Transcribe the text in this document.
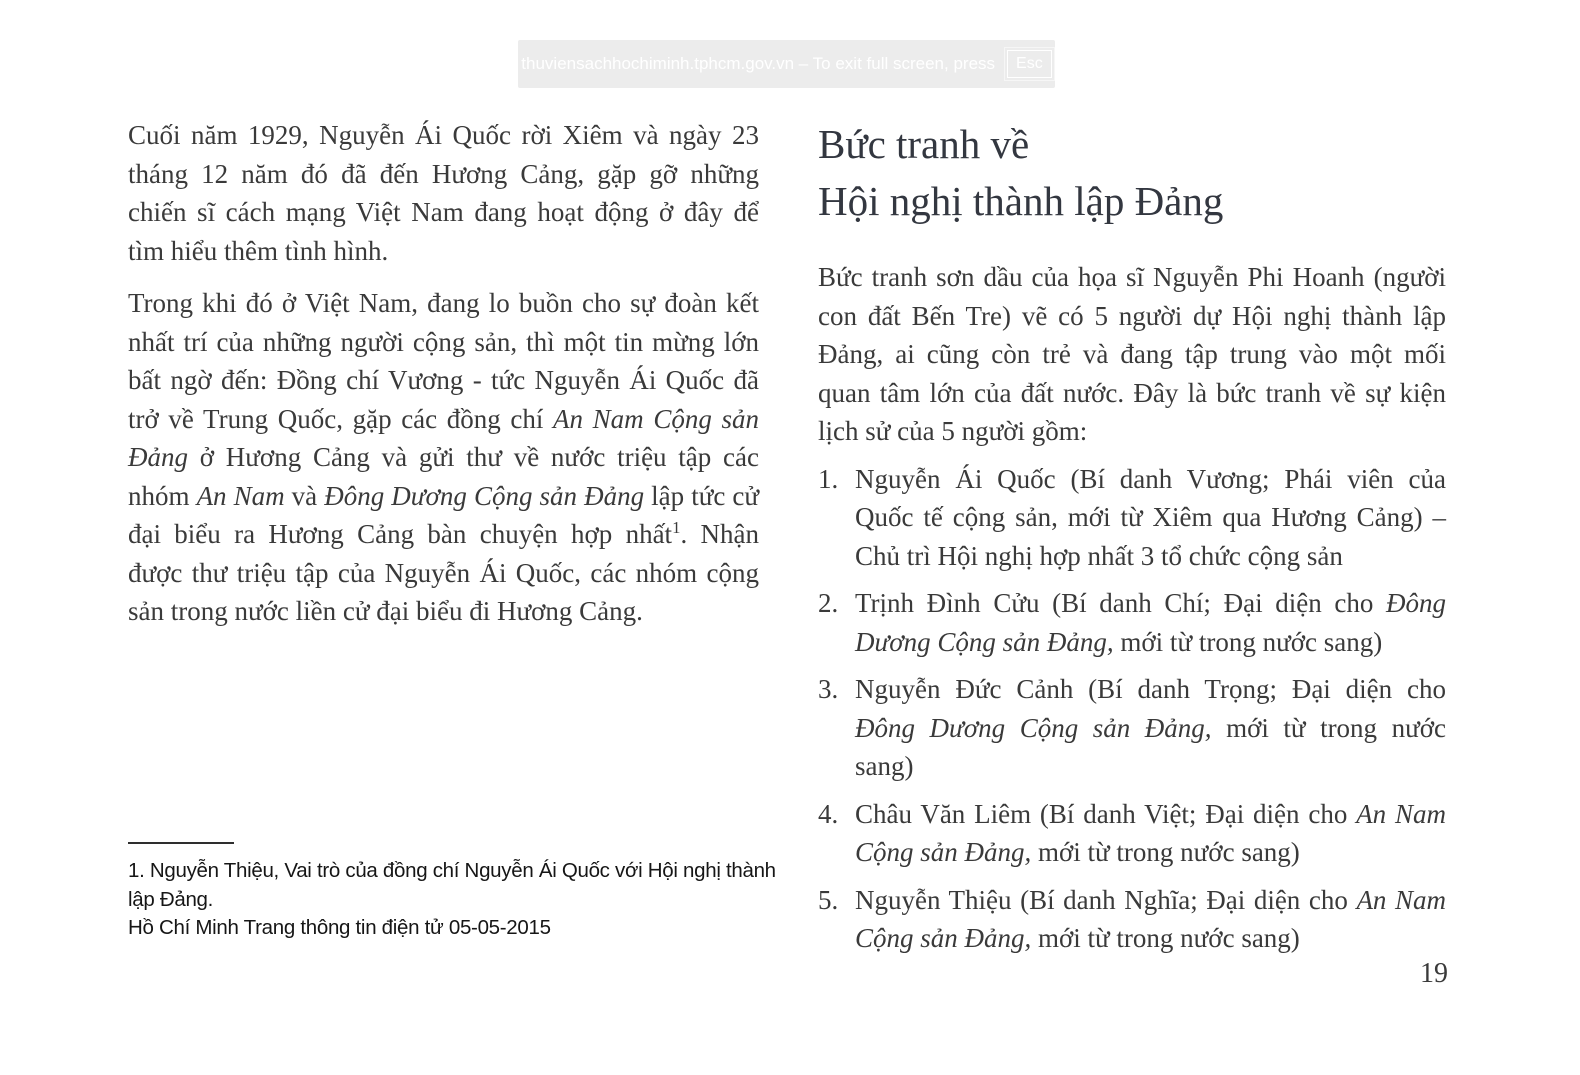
thuviensachhochiminh.tphcm.gov.vn – To exit full screen, press	Esc

Cuối năm 1929, Nguyễn Ái Quốc rời Xiêm và ngày 23 tháng 12 năm đó đã đến Hương Cảng, gặp gỡ những chiến sĩ cách mạng Việt Nam đang hoạt động ở đây để tìm hiểu thêm tình hình.

Trong khi đó ở Việt Nam, đang lo buồn cho sự đoàn kết nhất trí của những người cộng sản, thì một tin mừng lớn bất ngờ đến: Đồng chí Vương - tức Nguyễn Ái Quốc đã trở về Trung Quốc, gặp các đồng chí An Nam Cộng sản Đảng ở Hương Cảng và gửi thư về nước triệu tập các nhóm An Nam và Đông Dương Cộng sản Đảng lập tức cử đại biểu ra Hương Cảng bàn chuyện hợp nhất$^1$. Nhận được thư triệu tập của Nguyễn Ái Quốc, các nhóm cộng sản trong nước liền cử đại biểu đi Hương Cảng.

1. Nguyễn Thiệu, Vai trò của đồng chí Nguyễn Ái Quốc với Hội nghị thành lập Đảng.
Hồ Chí Minh Trang thông tin điện tử 05-05-2015
Bức tranh về
Hội nghị thành lập Đảng

Bức tranh sơn dầu của họa sĩ Nguyễn Phi Hoanh (người con đất Bến Tre) vẽ có 5 người dự Hội nghị thành lập Đảng, ai cũng còn trẻ và đang tập trung vào một mối quan tâm lớn của đất nước. Đây là bức tranh về sự kiện lịch sử của 5 người gồm:

1. Nguyễn Ái Quốc (Bí danh Vương; Phái viên của Quốc tế cộng sản, mới từ Xiêm qua Hương Cảng) – Chủ trì Hội nghị hợp nhất 3 tổ chức cộng sản
2. Trịnh Đình Cửu (Bí danh Chí; Đại diện cho Đông Dương Cộng sản Đảng, mới từ trong nước sang)
3. Nguyễn Đức Cảnh (Bí danh Trọng; Đại diện cho Đông Dương Cộng sản Đảng, mới từ trong nước sang)
4. Châu Văn Liêm (Bí danh Việt; Đại diện cho An Nam Cộng sản Đảng, mới từ trong nước sang)
5. Nguyễn Thiệu (Bí danh Nghĩa; Đại diện cho An Nam Cộng sản Đảng, mới từ trong nước sang)
19
